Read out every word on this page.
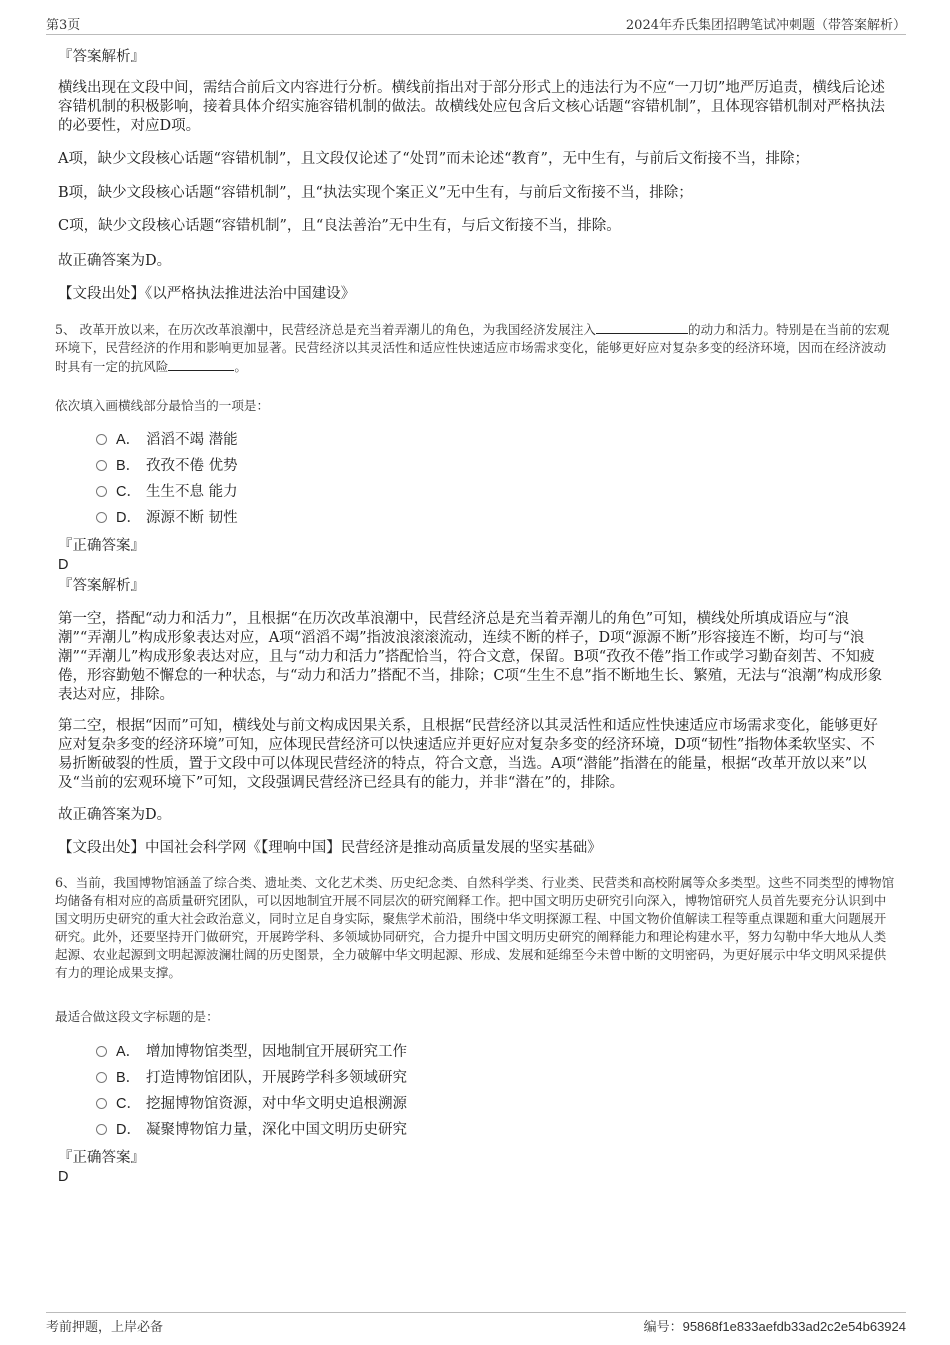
第3页	2024年乔氏集团招聘笔试冲刺题（带答案解析）
『答案解析』
横线出现在文段中间，需结合前后文内容进行分析。横线前指出对于部分形式上的违法行为不应“一刀切”地严厉追责，横线后论述容错机制的积极影响，接着具体介绍实施容错机制的做法。故横线处应包含后文核心话题“容错机制”，且体现容错机制对严格执法的必要性，对应D项。
A项，缺少文段核心话题“容错机制”，且文段仅论述了“处罚”而未论述“教育”，无中生有，与前后文衔接不当，排除；
B项，缺少文段核心话题“容错机制”，且“执法实现个案正义”无中生有，与前后文衔接不当，排除；
C项，缺少文段核心话题“容错机制”，且“良法善治”无中生有，与后文衔接不当，排除。
故正确答案为D。
【文段出处】《以严格执法推进法治中国建设》
5、 改革开放以来，在历次改革浪潮中，民营经济总是充当着弄潮儿的角色，为我国经济发展注入	的动力和活力。特别是在当前的宏观环境下，民营经济的作用和影响更加显著。民营经济以其灵活性和适应性快速适应市场需求变化，能够更好应对复杂多变的经济环境，因而在经济波动时具有一定的抗风险	。
依次填入画横线部分最恰当的一项是：
A． 滔滔不竭 潜能
B． 孜孜不倦 优势
C． 生生不息 能力
D． 源源不断 韧性
『正确答案』
D
『答案解析』
第一空，搭配“动力和活力”，且根据“在历次改革浪潮中，民营经济总是充当着弄潮儿的角色”可知，横线处所填成语应与“浪潮”“弄潮儿”构成形象表达对应，A项“滔滔不竭”指波浪滚滚流动，连续不断的样子，D项“源源不断”形容接连不断，均可与“浪潮”“弄潮儿”构成形象表达对应，且与“动力和活力”搭配恰当，符合文意，保留。B项“孜孜不倦”指工作或学习勤奋刻苦、不知疲倦，形容勤勉不懈怠的一种状态，与“动力和活力”搭配不当，排除；C项“生生不息”指不断地生长、繁殖，无法与“浪潮”构成形象表达对应，排除。
第二空，根据“因而”可知，横线处与前文构成因果关系，且根据“民营经济以其灵活性和适应性快速适应市场需求变化，能够更好应对复杂多变的经济环境”可知，应体现民营经济可以快速适应并更好应对复杂多变的经济环境，D项“韧性”指物体柔软坚实、不易折断破裂的性质，置于文段中可以体现民营经济的特点，符合文意，当选。A项“潜能”指潜在的能量，根据“改革开放以来”以及“当前的宏观环境下”可知，文段强调民营经济已经具有的能力，并非“潜在”的，排除。
故正确答案为D。
【文段出处】中国社会科学网《【理响中国】民营经济是推动高质量发展的坚实基础》
6、当前，我国博物馆涵盖了综合类、遗址类、文化艺术类、历史纪念类、自然科学类、行业类、民营类和高校附属等众多类型。这些不同类型的博物馆均储备有相对应的高质量研究团队，可以因地制宜开展不同层次的研究阐释工作。把中国文明历史研究引向深入，博物馆研究人员首先要充分认识到中国文明历史研究的重大社会政治意义，同时立足自身实际，聚焦学术前沿，围绕中华文明探源工程、中国文物价值解读工程等重点课题和重大问题展开研究。此外，还要坚持开门做研究，开展跨学科、多领域协同研究，合力提升中国文明历史研究的阐释能力和理论构建水平，努力勾勒中华大地从人类起源、农业起源到文明起源波澜壮阔的历史图景，全力破解中华文明起源、形成、发展和延绵至今未曾中断的文明密码，为更好展示中华文明风采提供有力的理论成果支撑。
最适合做这段文字标题的是：
A． 增加博物馆类型，因地制宜开展研究工作
B． 打造博物馆团队，开展跨学科多领域研究
C． 挖掘博物馆资源，对中华文明史追根溯源
D． 凝聚博物馆力量，深化中国文明历史研究
『正确答案』
D
考前押题，上岸必备	编号：95868f1e833aefdb33ad2c2e54b63924
